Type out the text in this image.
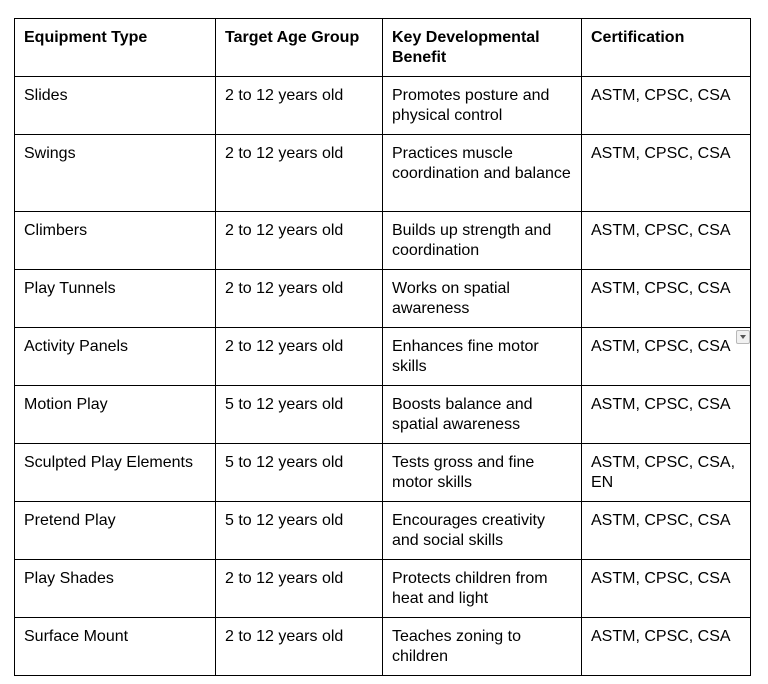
Equipment Type	Target Age Group	Key Developmental Benefit	Certification
Slides	2 to 12 years old	Promotes posture and physical control	ASTM, CPSC, CSA
Swings	2 to 12 years old	Practices muscle coordination and balance	ASTM, CPSC, CSA
Climbers	2 to 12 years old	Builds up strength and coordination	ASTM, CPSC, CSA
Play Tunnels	2 to 12 years old	Works on spatial awareness	ASTM, CPSC, CSA
Activity Panels	2 to 12 years old	Enhances fine motor skills	ASTM, CPSC, CSA

Motion Play	5 to 12 years old	Boosts balance and spatial awareness	ASTM, CPSC, CSA
Sculpted Play Elements	5 to 12 years old	Tests gross and fine motor skills	ASTM, CPSC, CSA, EN
Pretend Play	5 to 12 years old	Encourages creativity and social skills	ASTM, CPSC, CSA
Play Shades	2 to 12 years old	Protects children from heat and light	ASTM, CPSC, CSA
Surface Mount	2 to 12 years old	Teaches zoning to children	ASTM, CPSC, CSA
